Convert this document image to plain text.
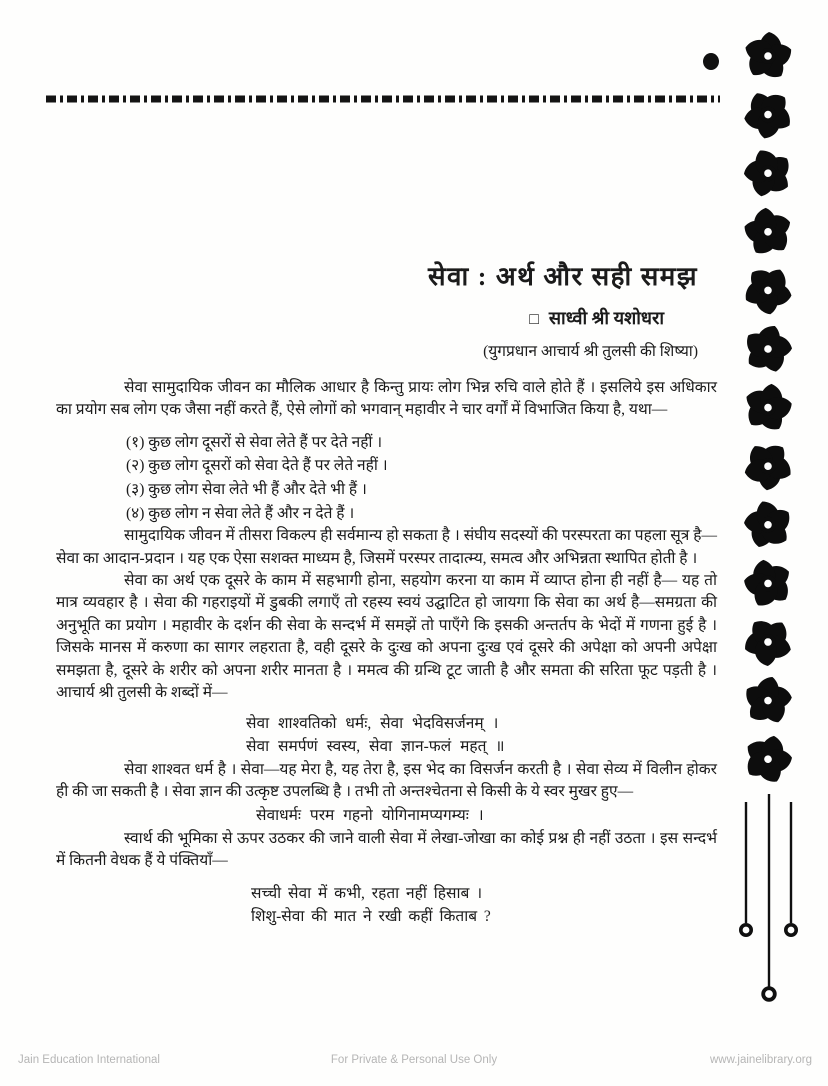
सेवा : अर्थ और सही समझ
□ साध्वी श्री यशोधरा
(युगप्रधान आचार्य श्री तुलसी की शिष्या)

सेवा सामुदायिक जीवन का मौलिक आधार है किन्तु प्रायः लोग भिन्न रुचि वाले होते हैं । इसलिये इस अधिकार का प्रयोग सब लोग एक जैसा नहीं करते हैं, ऐसे लोगों को भगवान् महावीर ने चार वर्गों में विभाजित किया है, यथा—

(१) कुछ लोग दूसरों से सेवा लेते हैं पर देते नहीं ।
(२) कुछ लोग दूसरों को सेवा देते हैं पर लेते नहीं ।
(३) कुछ लोग सेवा लेते भी हैं और देते भी हैं ।
(४) कुछ लोग न सेवा लेते हैं और न देते हैं ।

सामुदायिक जीवन में तीसरा विकल्प ही सर्वमान्य हो सकता है । संघीय सदस्यों की परस्परता का पहला सूत्र है—सेवा का आदान-प्रदान । यह एक ऐसा सशक्त माध्यम है, जिसमें परस्पर तादात्म्य, समत्व और अभिन्नता स्थापित होती है ।

सेवा का अर्थ एक दूसरे के काम में सहभागी होना, सहयोग करना या काम में व्याप्त होना ही नहीं है— यह तो मात्र व्यवहार है । सेवा की गहराइयों में डुबकी लगाएँ तो रहस्य स्वयं उद्घाटित हो जायगा कि सेवा का अर्थ है—समग्रता की अनुभूति का प्रयोग । महावीर के दर्शन की सेवा के सन्दर्भ में समझें तो पाएँगे कि इसकी अन्तर्तप के भेदों में गणना हुई है । जिसके मानस में करुणा का सागर लहराता है, वही दूसरे के दुःख को अपना दुःख एवं दूसरे की अपेक्षा को अपनी अपेक्षा समझता है, दूसरे के शरीर को अपना शरीर मानता है । ममत्व की ग्रन्थि टूट जाती है और समता की सरिता फूट पड़ती है । आचार्य श्री तुलसी के शब्दों में—

सेवा शाश्वतिको धर्मः, सेवा भेदविसर्जनम् ।
सेवा समर्पणं स्वस्य, सेवा ज्ञान-फलं महत् ॥

सेवा शाश्वत धर्म है । सेवा—यह मेरा है, यह तेरा है, इस भेद का विसर्जन करती है । सेवा सेव्य में विलीन होकर ही की जा सकती है । सेवा ज्ञान की उत्कृष्ट उपलब्धि है । तभी तो अन्तश्चेतना से किसी के ये स्वर मुखर हुए—

सेवाधर्मः परम गहनो योगिनामप्यगम्यः ।

स्वार्थ की भूमिका से ऊपर उठकर की जाने वाली सेवा में लेखा-जोखा का कोई प्रश्न ही नहीं उठता । इस सन्दर्भ में कितनी वेधक हैं ये पंक्तियाँ—

सच्ची सेवा में कभी, रहता नहीं हिसाब ।
शिशु-सेवा की मात ने रखी कहीं किताब ?
Jain Education International	For Private & Personal Use Only	www.jainelibrary.org
